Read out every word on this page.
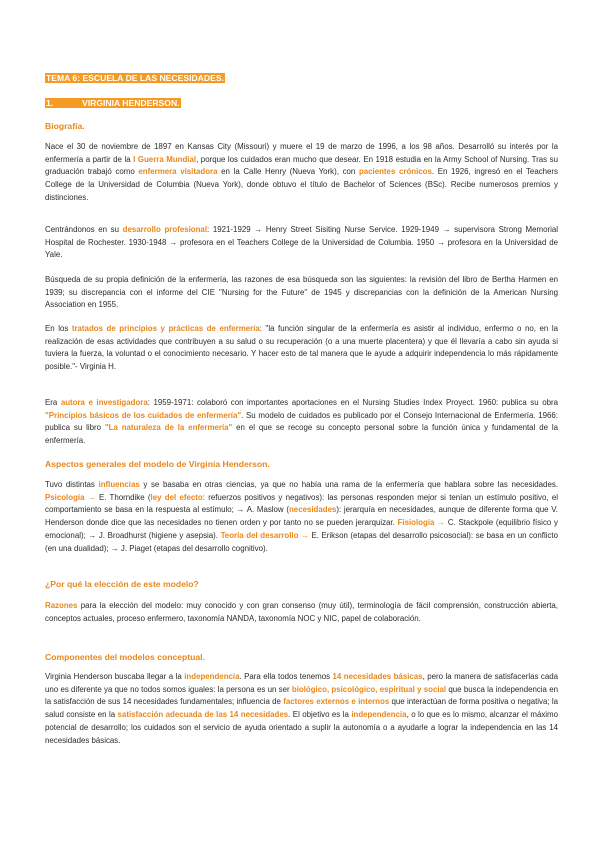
TEMA 6: ESCUELA DE LAS NECESIDADES.
1.	VIRGINIA HENDERSON.
Biografía.

Nace el 30 de noviembre de 1897 en Kansas City (Missouri) y muere el 19 de marzo de 1996, a los 98 años. Desarrolló su interés por la enfermería a partir de la I Guerra Mundial, porque los cuidados eran mucho que desear. En 1918 estudia en la Army School of Nursing. Tras su graduación trabajó como enfermera visitadora en la Calle Henry (Nueva York), con pacientes crónicos. En 1926, ingresó en el Teachers College de la Universidad de Columbia (Nueva York), donde obtuvo el título de Bachelor of Sciences (BSc). Recibe numerosos premios y distinciones.

Centrándonos en su desarrollo profesional: 1921-1929 → Henry Street Sisiting Nurse Service. 1929-1949 → supervisora Strong Memorial Hospital de Rochester. 1930-1948 → profesora en el Teachers College de la Universidad de Columbia. 1950 → profesora en la Universidad de Yale.

Búsqueda de su propia definición de la enfermería, las razones de esa búsqueda son las siguientes: la revisión del libro de Bertha Harmen en 1939; su discrepancia con el informe del CIE "Nursing for the Future" de 1945 y discrepancias con la definición de la American Nursing Association en 1955.

En los tratados de principios y prácticas de enfermería: "la función singular de la enfermería es asistir al individuo, enfermo o no, en la realización de esas actividades que contribuyen a su salud o su recuperación (o a una muerte placentera) y que él llevaría a cabo sin ayuda si tuviera la fuerza, la voluntad o el conocimiento necesario. Y hacer esto de tal manera que le ayude a adquirir independencia lo más rápidamente posible."- Virginia H.

Era autora e investigadora: 1959-1971: colaboró con importantes aportaciones en el Nursing Studies Index Proyect. 1960: publica su obra "Principios básicos de los cuidados de enfermería". Su modelo de cuidados es publicado por el Consejo Internacional de Enfermería. 1966: publica su libro "La naturaleza de la enfermería" en el que se recoge su concepto personal sobre la función única y fundamental de la enfermería.

Aspectos generales del modelo de Virginia Henderson.

Tuvo distintas influencias y se basaba en otras ciencias, ya que no había una rama de la enfermería que hablara sobre las necesidades. Psicología → E. Thorndike (ley del efecto: refuerzos positivos y negativos): las personas responden mejor si tenían un estímulo positivo, el comportamiento se basa en la respuesta al estímulo; → A. Maslow (necesidades): jerarquía en necesidades, aunque de diferente forma que V. Henderson donde dice que las necesidades no tienen orden y por tanto no se pueden jerarquizar. Fisiología → C. Stackpole (equilibrio físico y emocional); → J. Broadhurst (higiene y asepsia). Teoría del desarrollo → E. Erikson (etapas del desarrollo psicosocial): se basa en un conflicto (en una dualidad); → J. Piaget (etapas del desarrollo cognitivo).

¿Por qué la elección de este modelo?

Razones para la elección del modelo: muy conocido y con gran consenso (muy útil), terminología de fácil comprensión, construcción abierta, conceptos actuales, proceso enfermero, taxonomía NANDA, taxonomía NOC y NIC, papel de colaboración.

Componentes del modelos conceptual.

Virginia Henderson buscaba llegar a la independencia. Para ella todos tenemos 14 necesidades básicas, pero la manera de satisfacerlas cada uno es diferente ya que no todos somos iguales: la persona es un ser biológico, psicológico, espiritual y social que busca la independencia en la satisfacción de sus 14 necesidades fundamentales; influencia de factores externos e internos que interactúan de forma positiva o negativa; la salud consiste en la satisfacción adecuada de las 14 necesidades. El objetivo es la independencia, o lo que es lo mismo, alcanzar el máximo potencial de desarrollo; los cuidados son el servicio de ayuda orientado a suplir la autonomía o a ayudarle a lograr la independencia en las 14 necesidades básicas.
